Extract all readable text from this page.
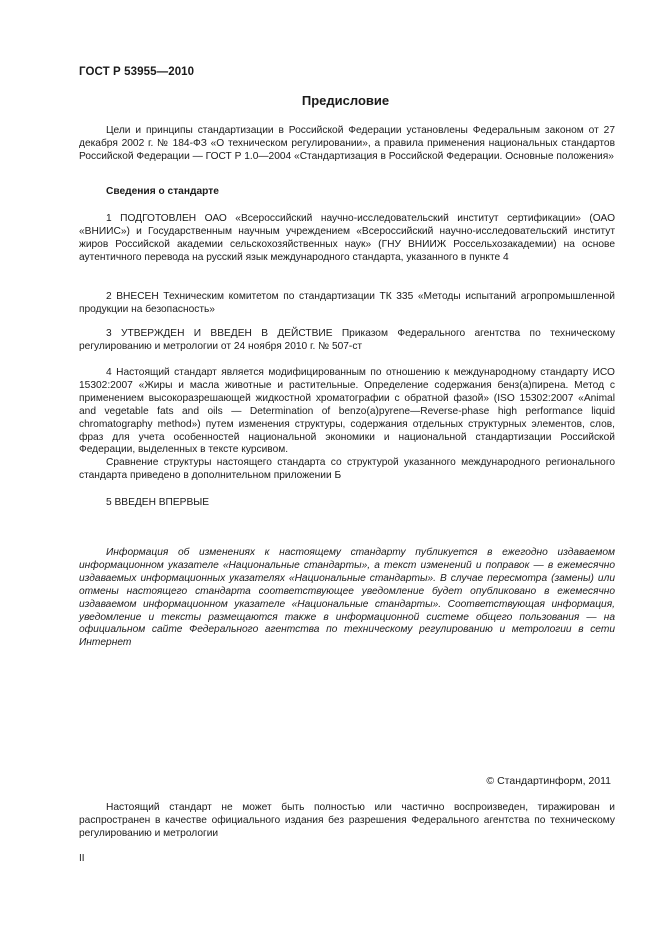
ГОСТ Р 53955—2010
Предисловие

Цели и принципы стандартизации в Российской Федерации установлены Федеральным законом от 27 декабря 2002 г. № 184-ФЗ «О техническом регулировании», а правила применения национальных стандартов Российской Федерации — ГОСТ Р 1.0—2004 «Стандартизация в Российской Федерации. Основные положения»

Сведения о стандарте

1 ПОДГОТОВЛЕН ОАО «Всероссийский научно-исследовательский институт сертификации» (ОАО «ВНИИС») и Государственным научным учреждением «Всероссийский научно-исследовательский институт жиров Российской академии сельскохозяйственных наук» (ГНУ ВНИИЖ Россельхозакадемии) на основе аутентичного перевода на русский язык международного стандарта, указанного в пункте 4

2 ВНЕСЕН Техническим комитетом по стандартизации ТК 335 «Методы испытаний агропромышленной продукции на безопасность»

3 УТВЕРЖДЕН И ВВЕДЕН В ДЕЙСТВИЕ Приказом Федерального агентства по техническому регулированию и метрологии от 24 ноября 2010 г. № 507-ст

4 Настоящий стандарт является модифицированным по отношению к международному стандарту ИСО 15302:2007 «Жиры и масла животные и растительные. Определение содержания бенз(а)пирена. Метод с применением высокоразрешающей жидкостной хроматографии с обратной фазой» (ISO 15302:2007 «Animal and vegetable fats and oils — Determination of benzo(a)pyrene—Reverse-phase high performance liquid chromatography method») путем изменения структуры, содержания отдельных структурных элементов, слов, фраз для учета особенностей национальной экономики и национальной стандартизации Российской Федерации, выделенных в тексте курсивом.

Сравнение структуры настоящего стандарта со структурой указанного международного регионального стандарта приведено в дополнительном приложении Б

5 ВВЕДЕН ВПЕРВЫЕ

Информация об изменениях к настоящему стандарту публикуется в ежегодно издаваемом информационном указателе «Национальные стандарты», а текст изменений и поправок — в ежемесячно издаваемых информационных указателях «Национальные стандарты». В случае пересмотра (замены) или отмены настоящего стандарта соответствующее уведомление будет опубликовано в ежемесячно издаваемом информационном указателе «Национальные стандарты». Соответствующая информация, уведомление и тексты размещаются также в информационной системе общего пользования — на официальном сайте Федерального агентства по техническому регулированию и метрологии в сети Интернет

© Стандартинформ, 2011

Настоящий стандарт не может быть полностью или частично воспроизведен, тиражирован и распространен в качестве официального издания без разрешения Федерального агентства по техническому регулированию и метрологии

II
